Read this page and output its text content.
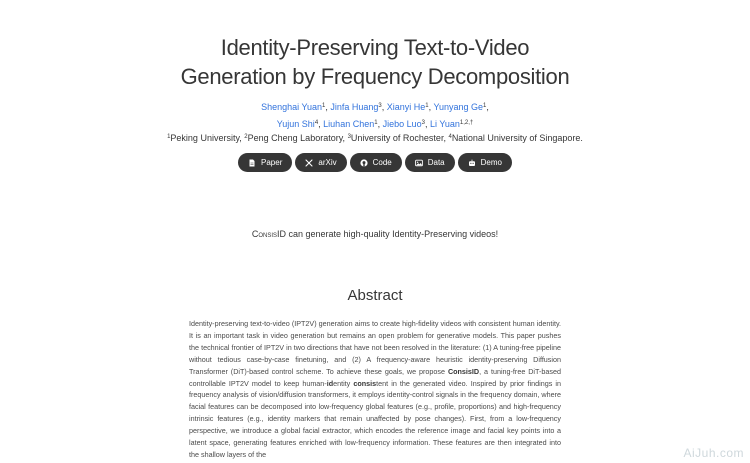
Identity-Preserving Text-to-Video
Generation by Frequency Decomposition
Shenghai Yuan$^1$, Jinfa Huang$^3$, Xianyi He$^1$, Yunyang Ge$^1$,
Yujun Shi$^4$, Liuhan Chen$^1$, Jiebo Luo$^3$, Li Yuan$^{1,2,\dagger}$
$^1$Peking University, $^2$Peng Cheng Laboratory, $^3$University of Rochester, $^4$National University of Singapore.
Paper	arXiv	Code	Data	Demo
ConsisID can generate high-quality Identity-Preserving videos!
Abstract
Identity-preserving text-to-video (IPT2V) generation aims to create high-fidelity videos with consistent human identity. It is an important task in video generation but remains an open problem for generative models. This paper pushes the technical frontier of IPT2V in two directions that have not been resolved in the literature: (1) A tuning-free pipeline without tedious case-by-case finetuning, and (2) A frequency-aware heuristic identity-preserving Diffusion Transformer (DiT)-based control scheme. To achieve these goals, we propose ConsisID, a tuning-free DiT-based controllable IPT2V model to keep human-identity consistent in the generated video. Inspired by prior findings in frequency analysis of vision/diffusion transformers, it employs identity-control signals in the frequency domain, where facial features can be decomposed into low-frequency global features (e.g., profile, proportions) and high-frequency intrinsic features (e.g., identity markers that remain unaffected by pose changes). First, from a low-frequency perspective, we introduce a global facial extractor, which encodes the reference image and facial key points into a latent space, generating features enriched with low-frequency information. These features are then integrated into the shallow layers of the	AiJuh.com
